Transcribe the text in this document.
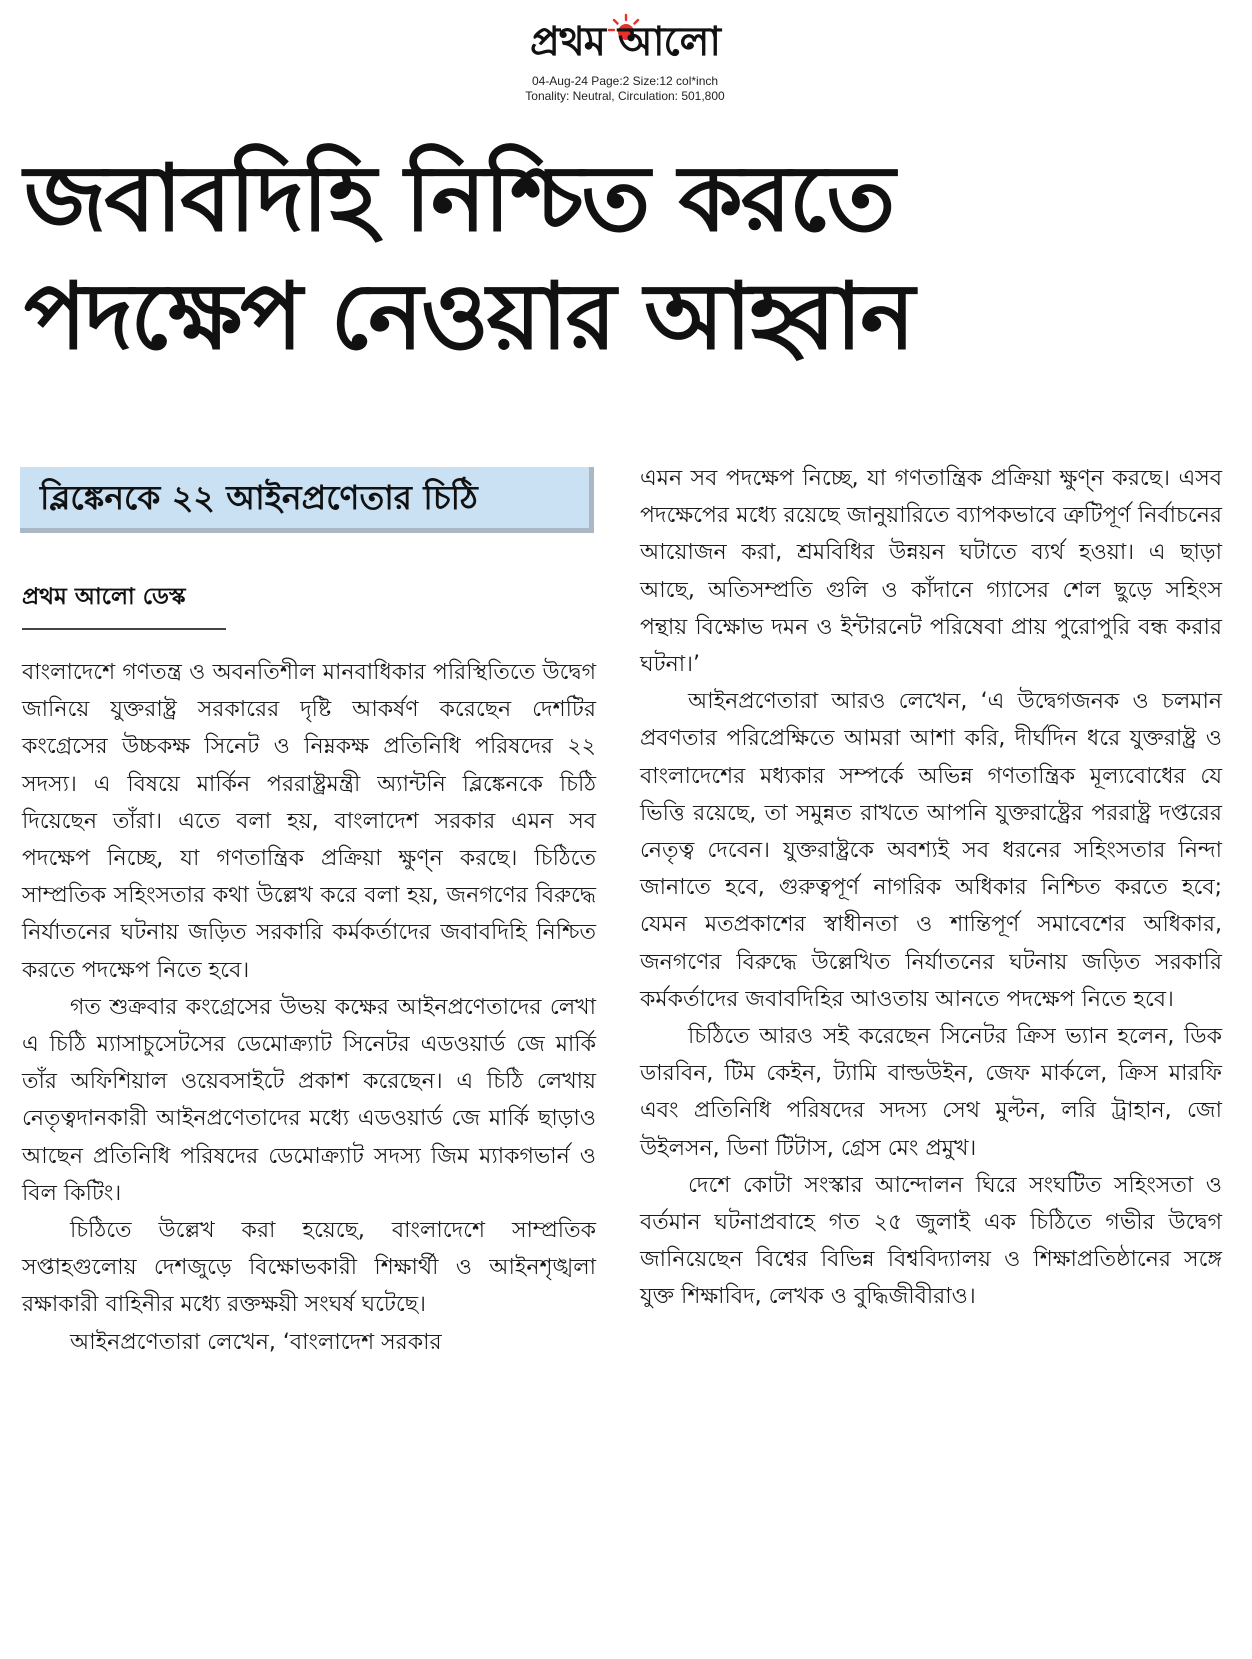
প্রথম আলো
04-Aug-24 Page:2 Size:12 col*inch
Tonality: Neutral, Circulation: 501,800
জবাবদিহি নিশ্চিত করতে
পদক্ষেপ নেওয়ার আহ্বান
ব্লিঙ্কেনকে ২২ আইনপ্রণেতার চিঠি
প্রথম আলো ডেস্ক

বাংলাদেশে গণতন্ত্র ও অবনতিশীল মানবাধিকার পরিস্থিতিতে উদ্বেগ জানিয়ে যুক্তরাষ্ট্র সরকারের দৃষ্টি আকর্ষণ করেছেন দেশটির কংগ্রেসের উচ্চকক্ষ সিনেট ও নিম্নকক্ষ প্রতিনিধি পরিষদের ২২ সদস্য। এ বিষয়ে মার্কিন পররাষ্ট্রমন্ত্রী অ্যান্টনি ব্লিঙ্কেনকে চিঠি দিয়েছেন তাঁরা। এতে বলা হয়, বাংলাদেশ সরকার এমন সব পদক্ষেপ নিচ্ছে, যা গণতান্ত্রিক প্রক্রিয়া ক্ষুণ্ন করছে। চিঠিতে সাম্প্রতিক সহিংসতার কথা উল্লেখ করে বলা হয়, জনগণের বিরুদ্ধে নির্যাতনের ঘটনায় জড়িত সরকারি কর্মকর্তাদের জবাবদিহি নিশ্চিত করতে পদক্ষেপ নিতে হবে।

গত শুক্রবার কংগ্রেসের উভয় কক্ষের আইনপ্রণেতাদের লেখা এ চিঠি ম্যাসাচুসেটসের ডেমোক্র্যাট সিনেটর এডওয়ার্ড জে মার্কি তাঁর অফিশিয়াল ওয়েবসাইটে প্রকাশ করেছেন। এ চিঠি লেখায় নেতৃত্বদানকারী আইনপ্রণেতাদের মধ্যে এডওয়ার্ড জে মার্কি ছাড়াও আছেন প্রতিনিধি পরিষদের ডেমোক্র্যাট সদস্য জিম ম্যাকগভার্ন ও বিল কিটিং।

চিঠিতে উল্লেখ করা হয়েছে, বাংলাদেশে সাম্প্রতিক সপ্তাহগুলোয় দেশজুড়ে বিক্ষোভকারী শিক্ষার্থী ও আইনশৃঙ্খলা রক্ষাকারী বাহিনীর মধ্যে রক্তক্ষয়ী সংঘর্ষ ঘটেছে।

আইনপ্রণেতারা লেখেন, ‘বাংলাদেশ সরকার

এমন সব পদক্ষেপ নিচ্ছে, যা গণতান্ত্রিক প্রক্রিয়া ক্ষুণ্ন করছে। এসব পদক্ষেপের মধ্যে রয়েছে জানুয়ারিতে ব্যাপকভাবে ত্রুটিপূর্ণ নির্বাচনের আয়োজন করা, শ্রমবিধির উন্নয়ন ঘটাতে ব্যর্থ হওয়া। এ ছাড়া আছে, অতিসম্প্রতি গুলি ও কাঁদানে গ্যাসের শেল ছুড়ে সহিংস পন্থায় বিক্ষোভ দমন ও ইন্টারনেট পরিষেবা প্রায় পুরোপুরি বন্ধ করার ঘটনা।’

আইনপ্রণেতারা আরও লেখেন, ‘এ উদ্বেগজনক ও চলমান প্রবণতার পরিপ্রেক্ষিতে আমরা আশা করি, দীর্ঘদিন ধরে যুক্তরাষ্ট্র ও বাংলাদেশের মধ্যকার সম্পর্কে অভিন্ন গণতান্ত্রিক মূল্যবোধের যে ভিত্তি রয়েছে, তা সমুন্নত রাখতে আপনি যুক্তরাষ্ট্রের পররাষ্ট্র দপ্তরের নেতৃত্ব দেবেন। যুক্তরাষ্ট্রকে অবশ্যই সব ধরনের সহিংসতার নিন্দা জানাতে হবে, গুরুত্বপূর্ণ নাগরিক অধিকার নিশ্চিত করতে হবে; যেমন মতপ্রকাশের স্বাধীনতা ও শান্তিপূর্ণ সমাবেশের অধিকার, জনগণের বিরুদ্ধে উল্লেখিত নির্যাতনের ঘটনায় জড়িত সরকারি কর্মকর্তাদের জবাবদিহির আওতায় আনতে পদক্ষেপ নিতে হবে।

চিঠিতে আরও সই করেছেন সিনেটর ক্রিস ভ্যান হলেন, ডিক ডারবিন, টিম কেইন, ট্যামি বাল্ডউইন, জেফ মার্কলে, ক্রিস মারফি এবং প্রতিনিধি পরিষদের সদস্য সেথ মুল্টন, লরি ট্রাহান, জো উইলসন, ডিনা টিটাস, গ্রেস মেং প্রমুখ।

দেশে কোটা সংস্কার আন্দোলন ঘিরে সংঘটিত সহিংসতা ও বর্তমান ঘটনাপ্রবাহে গত ২৫ জুলাই এক চিঠিতে গভীর উদ্বেগ জানিয়েছেন বিশ্বের বিভিন্ন বিশ্ববিদ্যালয় ও শিক্ষাপ্রতিষ্ঠানের সঙ্গে যুক্ত শিক্ষাবিদ, লেখক ও বুদ্ধিজীবীরাও।
